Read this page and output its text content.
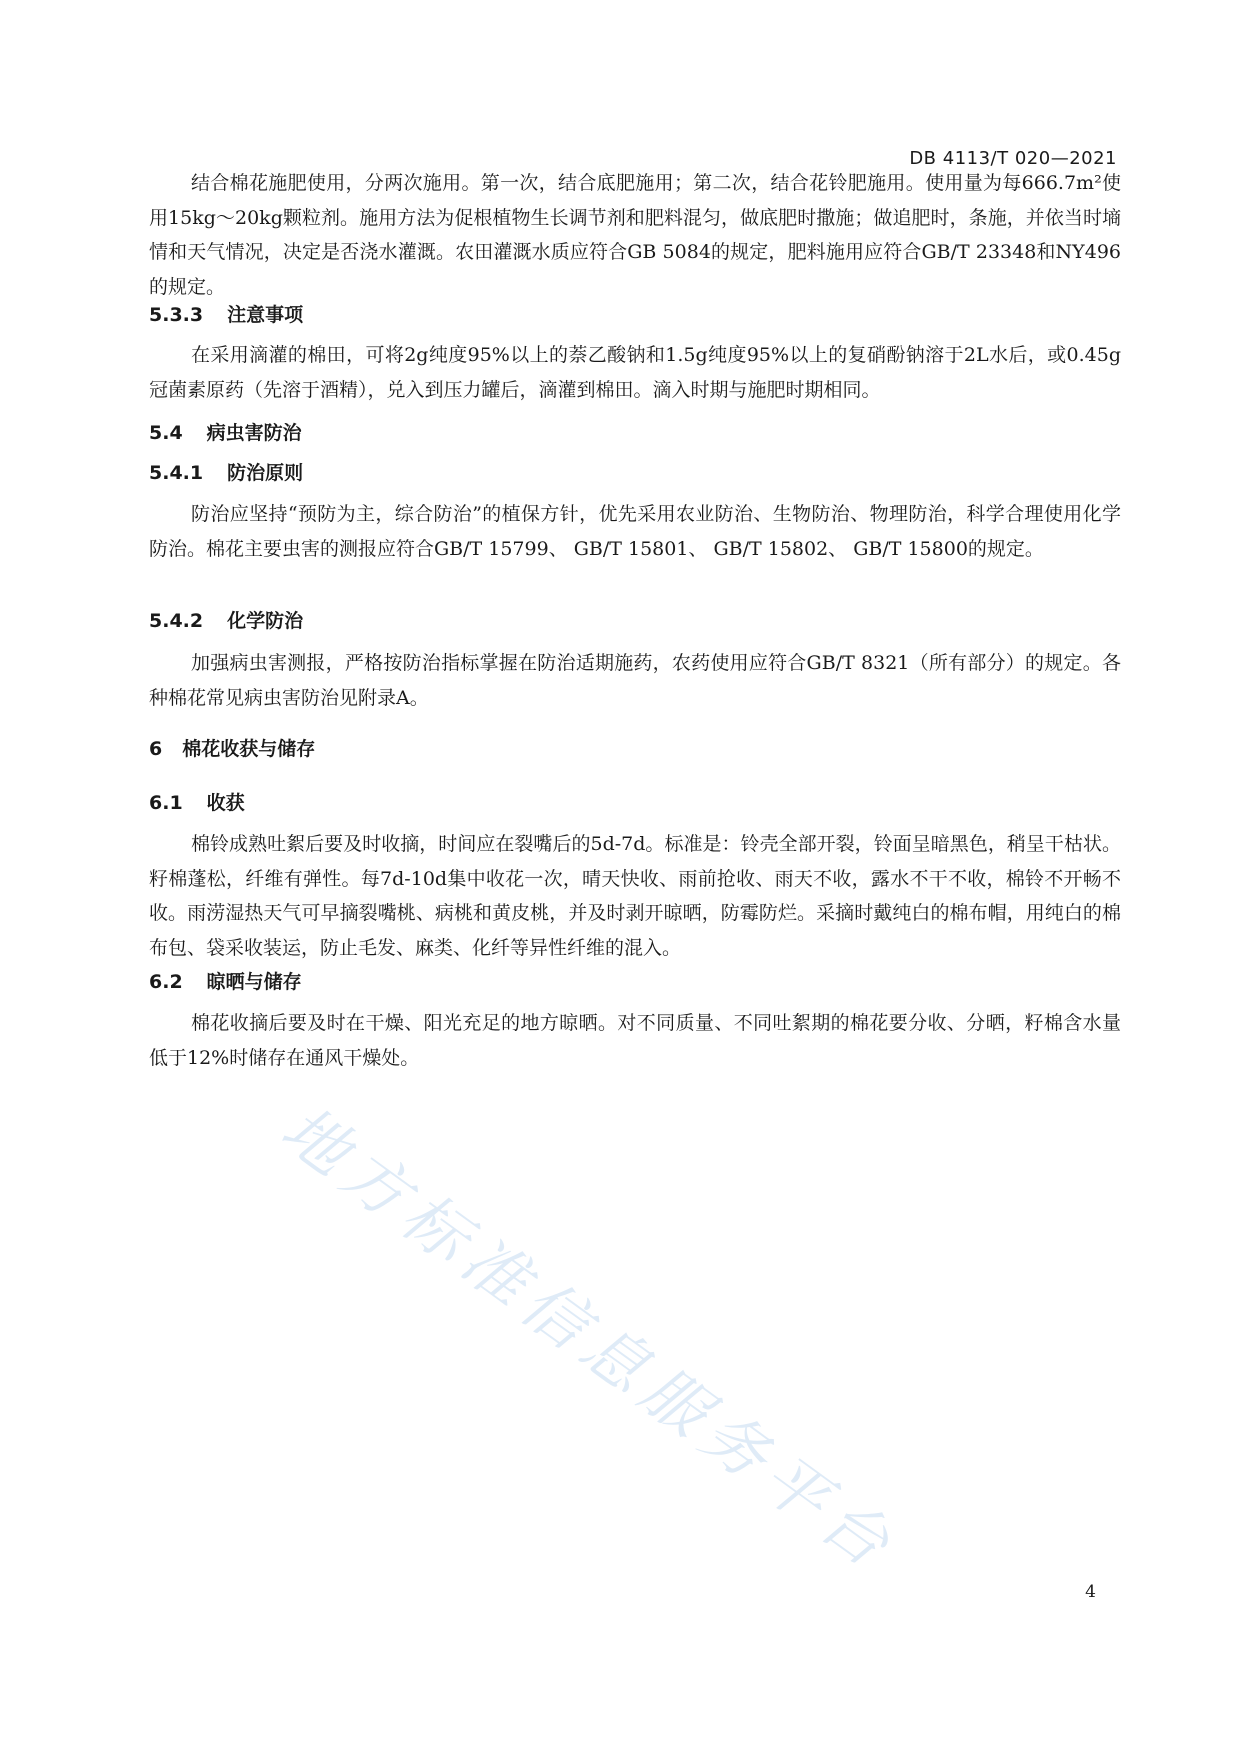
DB 4113/T 020—2021

结合棉花施肥使用，分两次施用。第一次，结合底肥施用；第二次，结合花铃肥施用。使用量为每666.7m²使用15kg～20kg颗粒剂。施用方法为促根植物生长调节剂和肥料混匀，做底肥时撒施；做追肥时，条施，并依当时墒情和天气情况，决定是否浇水灌溉。农田灌溉水质应符合GB 5084的规定，肥料施用应符合GB/T 23348和NY496的规定。

5.3.3 注意事项

在采用滴灌的棉田，可将2g纯度95%以上的萘乙酸钠和1.5g纯度95%以上的复硝酚钠溶于2L水后，或0.45g冠菌素原药（先溶于酒精），兑入到压力罐后，滴灌到棉田。滴入时期与施肥时期相同。

5.4 病虫害防治
5.4.1 防治原则

防治应坚持“预防为主，综合防治”的植保方针，优先采用农业防治、生物防治、物理防治，科学合理使用化学防治。棉花主要虫害的测报应符合GB/T 15799、 GB/T 15801、 GB/T 15802、 GB/T 15800的规定。

5.4.2 化学防治

加强病虫害测报，严格按防治指标掌握在防治适期施药，农药使用应符合GB/T 8321（所有部分）的规定。各种棉花常见病虫害防治见附录A。

6 棉花收获与储存
6.1 收获

棉铃成熟吐絮后要及时收摘，时间应在裂嘴后的5d-7d。标准是：铃壳全部开裂，铃面呈暗黑色，稍呈干枯状。籽棉蓬松，纤维有弹性。每7d-10d集中收花一次，晴天快收、雨前抢收、雨天不收，露水不干不收，棉铃不开畅不收。雨涝湿热天气可早摘裂嘴桃、病桃和黄皮桃，并及时剥开晾晒，防霉防烂。采摘时戴纯白的棉布帽，用纯白的棉布包、袋采收装运，防止毛发、麻类、化纤等异性纤维的混入。

6.2 晾晒与储存

棉花收摘后要及时在干燥、阳光充足的地方晾晒。对不同质量、不同吐絮期的棉花要分收、分晒，籽棉含水量低于12%时储存在通风干燥处。

地方标准信息服务平台
4
